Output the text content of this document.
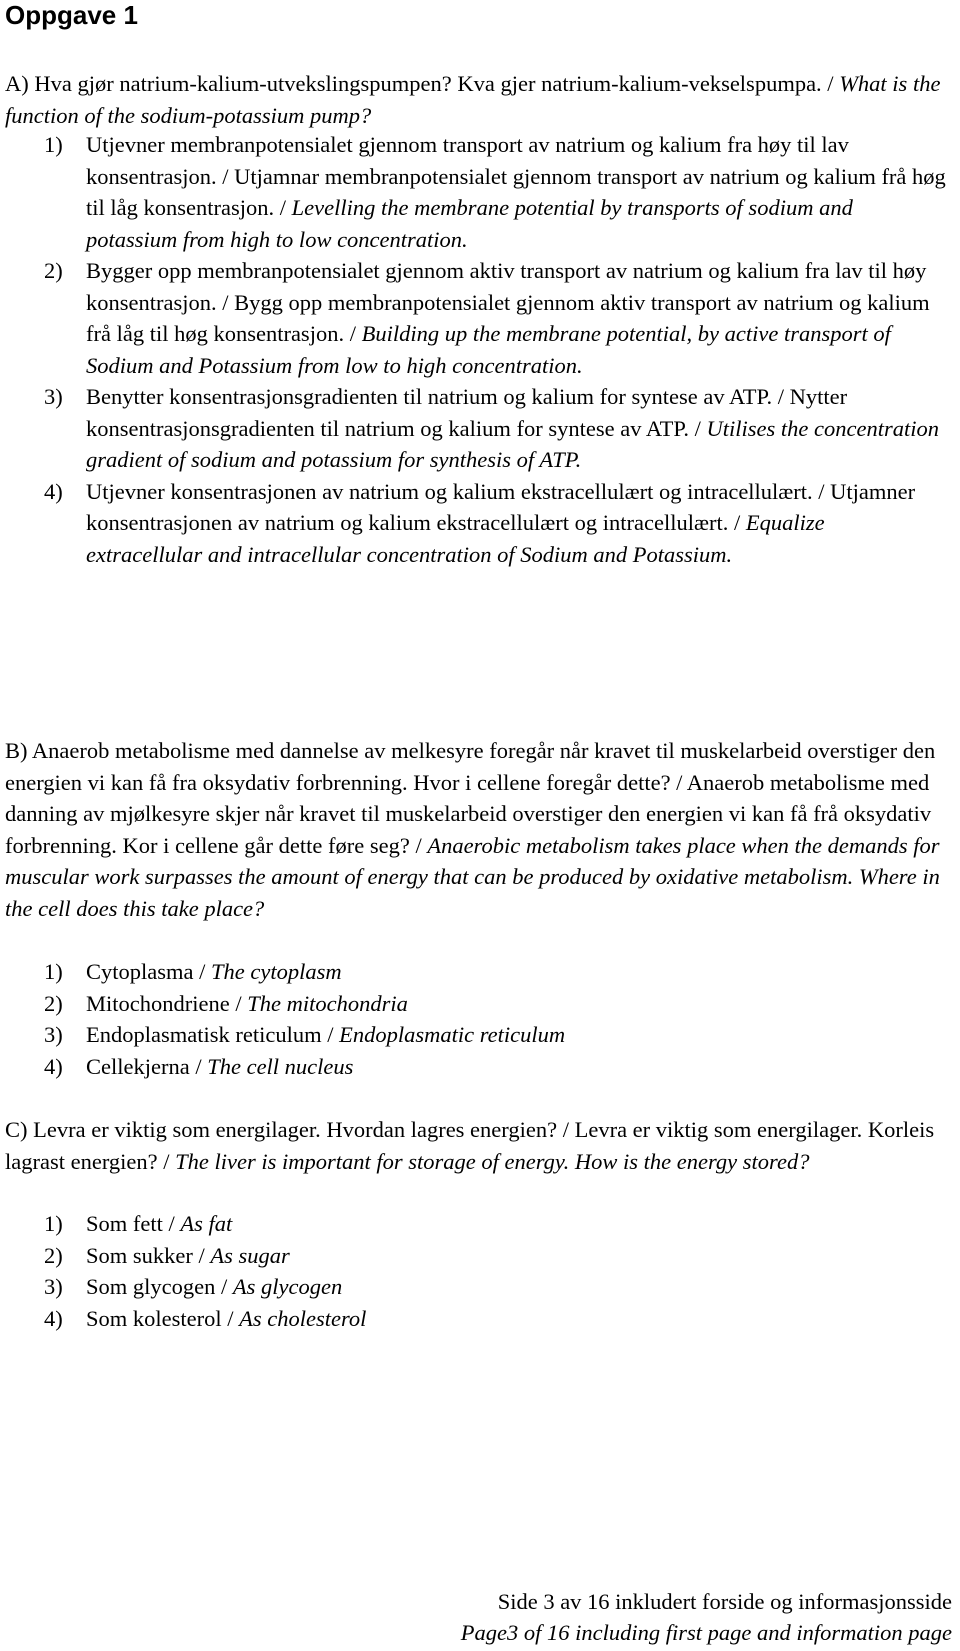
Oppgave 1
A) Hva gjør natrium-kalium-utvekslingspumpen? Kva gjer natrium-kalium-vekselspumpa. / What is the function of the sodium-potassium pump?
1)	Utjevner membranpotensialet gjennom transport av natrium og kalium fra høy til lav konsentrasjon. / Utjamnar membranpotensialet gjennom transport av natrium og kalium frå høg til låg konsentrasjon. / Levelling the membrane potential by transports of sodium and potassium from high to low concentration.
2)	Bygger opp membranpotensialet gjennom aktiv transport av natrium og kalium fra lav til høy konsentrasjon. / Bygg opp membranpotensialet gjennom aktiv transport av natrium og kalium frå låg til høg konsentrasjon. / Building up the membrane potential, by active transport of Sodium and Potassium from low to high concentration.
3)	Benytter konsentrasjonsgradienten til natrium og kalium for syntese av ATP. / Nytter konsentrasjonsgradienten til natrium og kalium for syntese av ATP. / Utilises the concentration gradient of sodium and potassium for synthesis of ATP.
4)	Utjevner konsentrasjonen av natrium og kalium ekstracellulært og intracellulært. / Utjamner konsentrasjonen av natrium og kalium ekstracellulært og intracellulært. / Equalize extracellular and intracellular concentration of Sodium and Potassium.
B) Anaerob metabolisme med dannelse av melkesyre foregår når kravet til muskelarbeid overstiger den energien vi kan få fra oksydativ forbrenning. Hvor i cellene foregår dette? / Anaerob metabolisme med danning av mjølkesyre skjer når kravet til muskelarbeid overstiger den energien vi kan få frå oksydativ forbrenning. Kor i cellene går dette føre seg? / Anaerobic metabolism takes place when the demands for muscular work surpasses the amount of energy that can be produced by oxidative metabolism. Where in the cell does this take place?
1)	Cytoplasma / The cytoplasm
2)	Mitochondriene / The mitochondria
3)	Endoplasmatisk reticulum / Endoplasmatic reticulum
4)	Cellekjerna / The cell nucleus
C) Levra er viktig som energilager. Hvordan lagres energien? / Levra er viktig som energilager. Korleis lagrast energien? / The liver is important for storage of energy. How is the energy stored?
1)	Som fett / As fat
2)	Som sukker / As sugar
3)	Som glycogen / As glycogen
4)	Som kolesterol / As cholesterol
Side 3 av 16 inkludert forside og informasjonsside
Page3 of 16 including first page and information page
